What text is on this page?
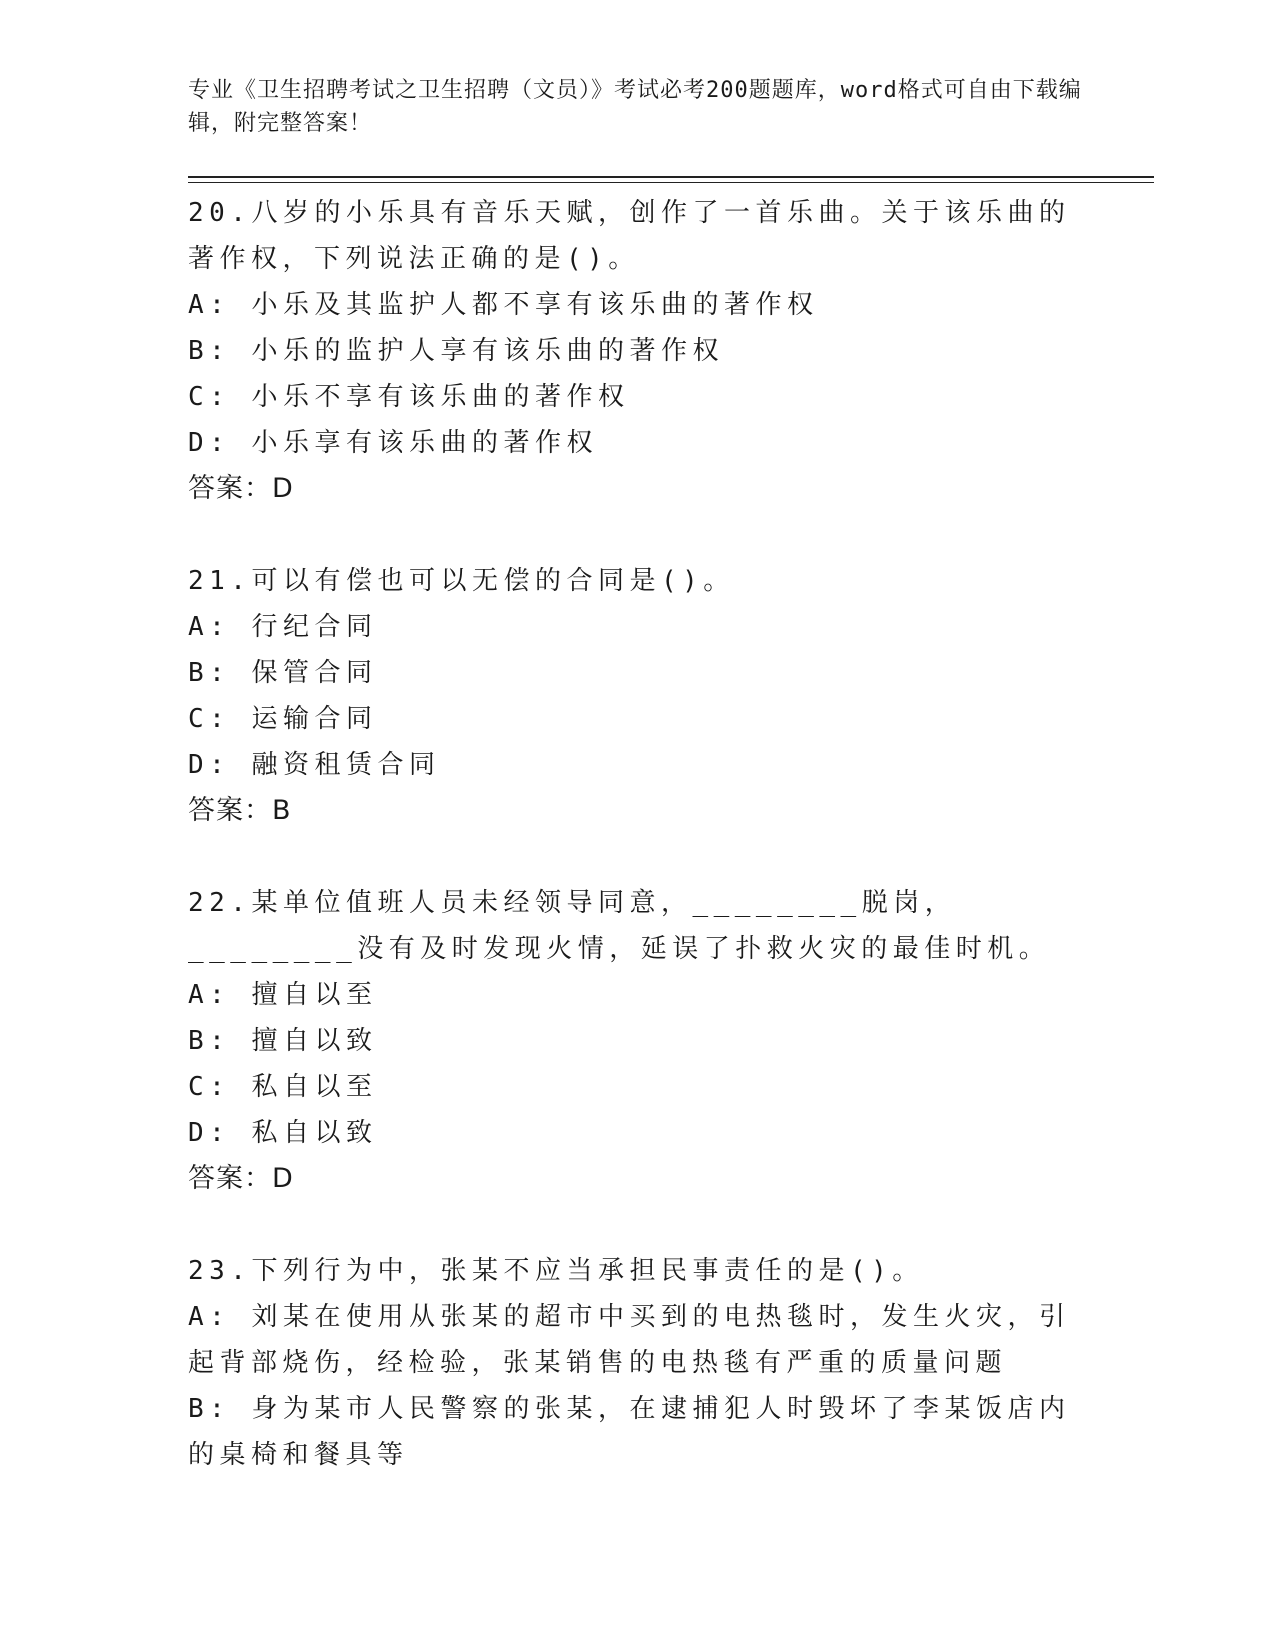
专业《卫生招聘考试之卫生招聘（文员）》考试必考200题题库，word格式可自由下载编辑，附完整答案！

20.八岁的小乐具有音乐天赋，创作了一首乐曲。关于该乐曲的著作权，下列说法正确的是()。

A: 小乐及其监护人都不享有该乐曲的著作权

B: 小乐的监护人享有该乐曲的著作权

C: 小乐不享有该乐曲的著作权

D: 小乐享有该乐曲的著作权

答案：D

21.可以有偿也可以无偿的合同是()。

A: 行纪合同

B: 保管合同

C: 运输合同

D: 融资租赁合同

答案：B

22.某单位值班人员未经领导同意，________脱岗，________没有及时发现火情，延误了扑救火灾的最佳时机。

A: 擅自以至

B: 擅自以致

C: 私自以至

D: 私自以致

答案：D

23.下列行为中，张某不应当承担民事责任的是()。

A: 刘某在使用从张某的超市中买到的电热毯时，发生火灾，引起背部烧伤，经检验，张某销售的电热毯有严重的质量问题

B: 身为某市人民警察的张某，在逮捕犯人时毁坏了李某饭店内的桌椅和餐具等
